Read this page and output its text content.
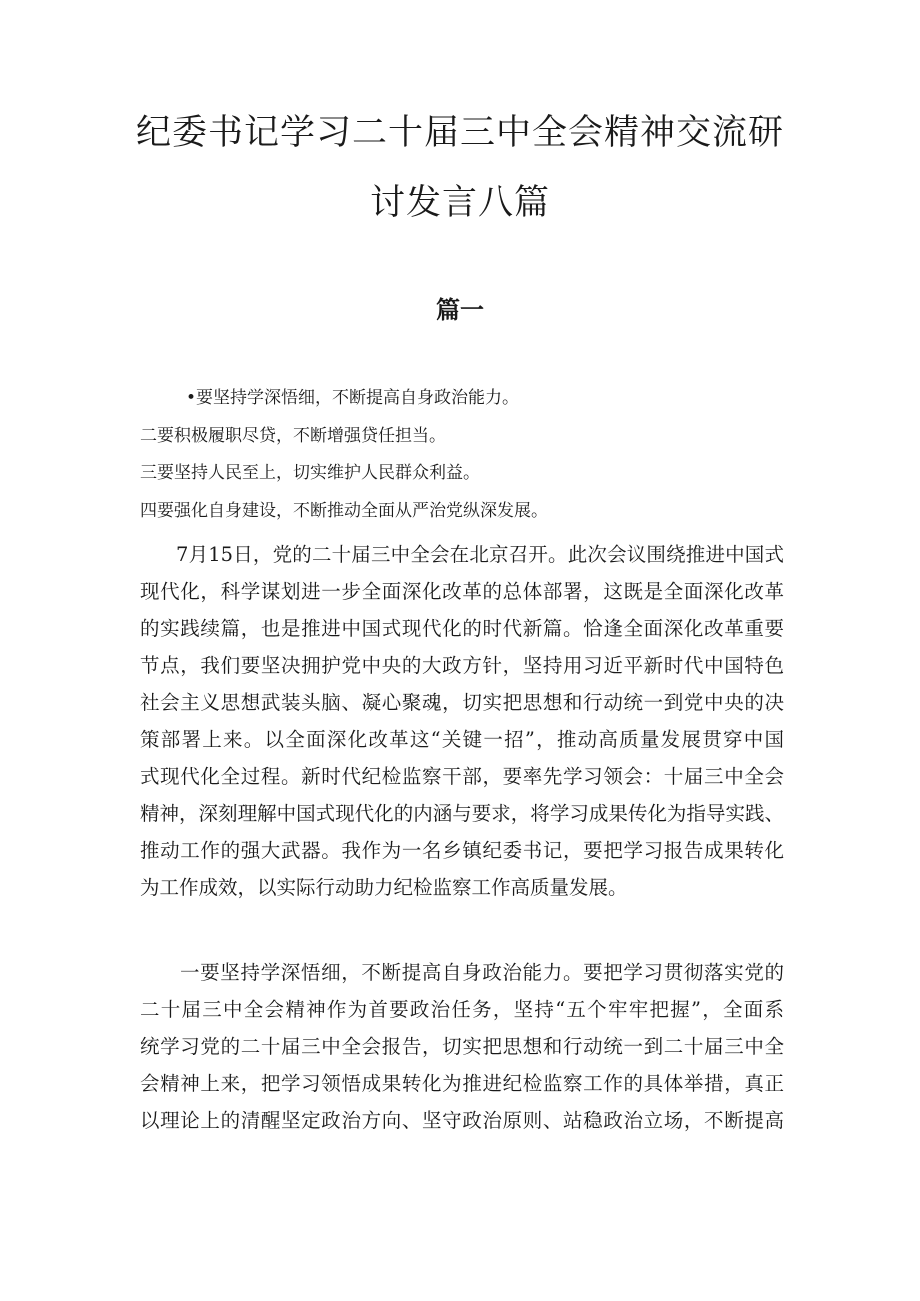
纪委书记学习二十届三中全会精神交流研
讨发言八篇
篇一

•要坚持学深悟细，不断提高自身政治能力。

二要积极履职尽贷，不断增强贷任担当。

三要坚持人民至上，切实维护人民群众利益。

四要强化自身建设，不断推动全面从严治党纵深发展。

7月15日，党的二十届三中全会在北京召开。此次会议围绕推进中国式
现代化，科学谋划进一步全面深化改革的总体部署，这既是全面深化改革
的实践续篇，也是推进中国式现代化的时代新篇。恰逢全面深化改革重要
节点，我们要坚决拥护党中央的大政方针，坚持用习近平新时代中国特色
社会主义思想武装头脑、凝心聚魂，切实把思想和行动统一到党中央的决
策部署上来。以全面深化改革这“关键一招”，推动高质量发展贯穿中国
式现代化全过程。新时代纪检监察干部，要率先学习领会：十届三中全会
精神，深刻理解中国式现代化的内涵与要求，将学习成果传化为指导实践、
推动工作的强大武器。我作为一名乡镇纪委书记，要把学习报告成果转化
为工作成效，以实际行动助力纪检监察工作高质量发展。
一要坚持学深悟细，不断提高自身政治能力。要把学习贯彻落实党的
二十届三中全会精神作为首要政治任务，坚持“五个牢牢把握”，全面系
统学习党的二十届三中全会报告，切实把思想和行动统一到二十届三中全
会精神上来，把学习领悟成果转化为推进纪检监察工作的具体举措，真正
以理论上的清醒坚定政治方向、坚守政治原则、站稳政治立场，不断提高
